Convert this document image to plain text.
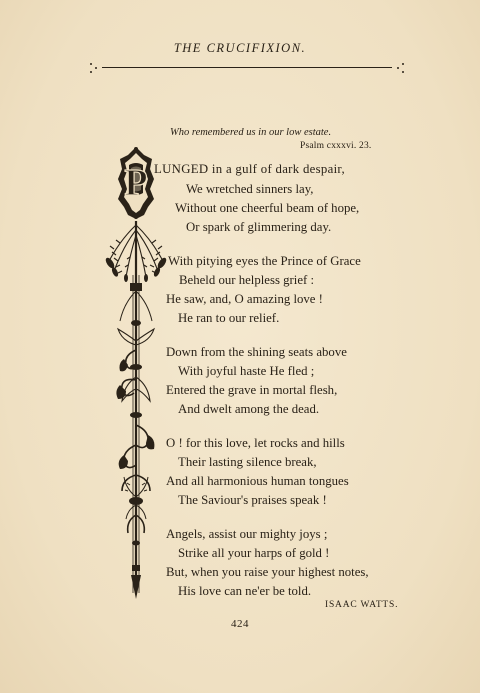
THE CRUCIFIXION.
Who remembered us in our low estate.
Psalm cxxxvi. 23.
P LUNGED in a gulf of dark despair,
We wretched sinners lay,
Without one cheerful beam of hope,
Or spark of glimmering day.
With pitying eyes the Prince of Grace
Beheld our helpless grief :
He saw, and, O amazing love !
He ran to our relief.
Down from the shining seats above
With joyful haste He fled ;
Entered the grave in mortal flesh,
And dwelt among the dead.
O ! for this love, let rocks and hills
Their lasting silence break,
And all harmonious human tongues
The Saviour's praises speak !
Angels, assist our mighty joys ;
Strike all your harps of gold !
But, when you raise your highest notes,
His love can ne'er be told.
ISAAC WATTS.
424
